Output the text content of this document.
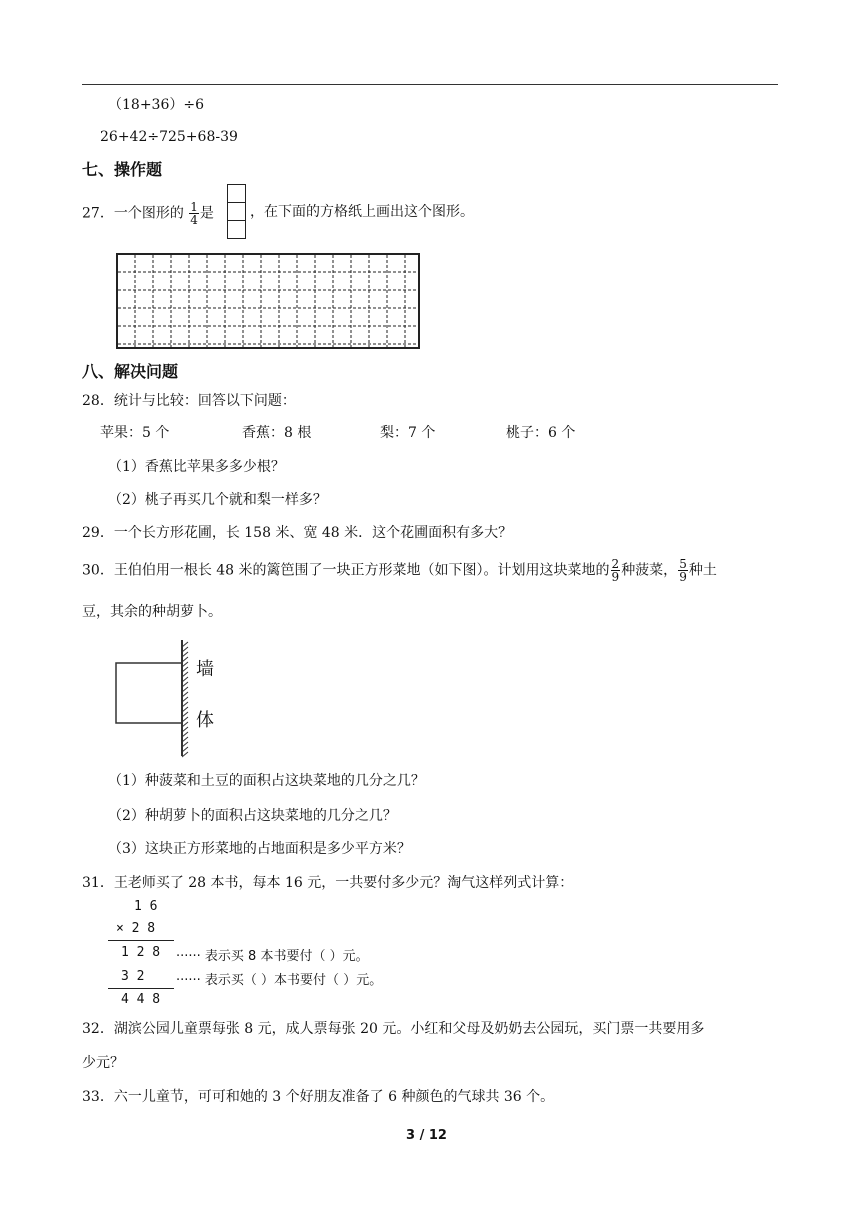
（18+36）÷6
26+42÷725+68-39
七、操作题
27．一个图形的 $\frac{1}{4}$ 是	，在下面的方格纸上画出这个图形。
八、解决问题
28．统计与比较：回答以下问题：
苹果：5 个	香蕉：8 根	梨：7 个	桃子：6 个
（1）香蕉比苹果多多少根？
（2）桃子再买几个就和梨一样多？
29．一个长方形花圃，长 158 米、宽 48 米．这个花圃面积有多大？
30．王伯伯用一根长 48 米的篱笆围了一块正方形菜地（如下图）。计划用这块菜地的 $\frac{2}{9}$ 种菠菜， $\frac{5}{9}$ 种土
豆，其余的种胡萝卜。
墙
体
（1）种菠菜和土豆的面积占这块菜地的几分之几？
（2）种胡萝卜的面积占这块菜地的几分之几？
（3）这块正方形菜地的占地面积是多少平方米？
31．王老师买了 28 本书，每本 16 元，一共要付多少元？淘气这样列式计算：
1 6
× 2 8
1 2 8 ······ 表示买 8 本书要付（ ）元。
3 2 ······ 表示买（ ）本书要付（ ）元。
4 4 8
32．湖滨公园儿童票每张 8 元，成人票每张 20 元。小红和父母及奶奶去公园玩，买门票一共要用多
少元？
33．六一儿童节，可可和她的 3 个好朋友准备了 6 种颜色的气球共 36 个。
3 / 12
